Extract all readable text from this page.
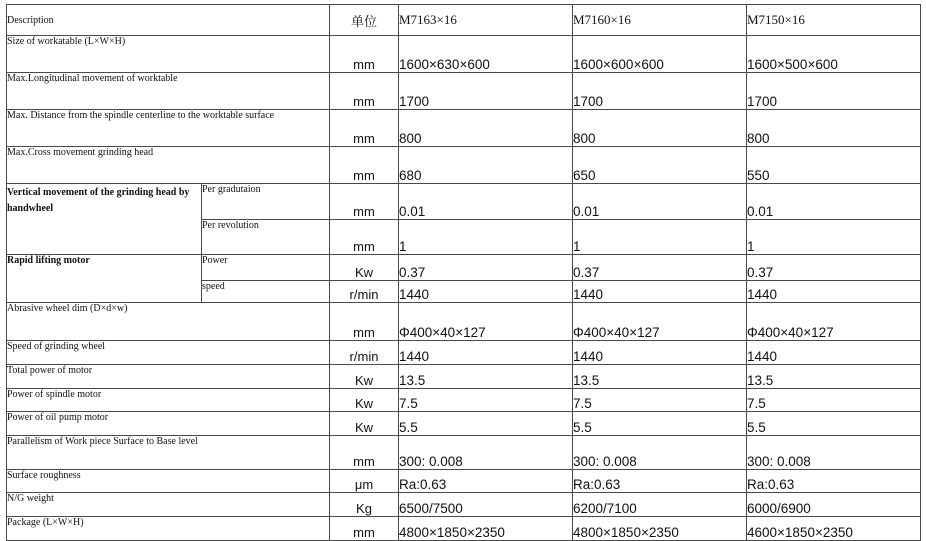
Description		单位	M7163×16	M7160×16	M7150×16
Size of workatable (L×W×H)		mm	1600×630×600	1600×600×600	1600×500×600
Max.Longitudinal movement of worktable		mm	1700	1700	1700
Max. Distance from the spindle centerline to the worktable surface		mm	800	800	800
Max.Cross movement grinding head		mm	680	650	550
Vertical movement of the grinding head by handwheel	Per gradutaion	mm	0.01	0.01	0.01
	Per revolution	mm	1	1	1
Rapid lifting motor	Power	Kw	0.37	0.37	0.37
	speed	r/min	1440	1440	1440
Abrasive wheel dim (D×d×w)		mm	Φ400×40×127	Φ400×40×127	Φ400×40×127
Speed of grinding wheel		r/min	1440	1440	1440
Total power of motor		Kw	13.5	13.5	13.5
Power of spindle motor		Kw	7.5	7.5	7.5
Power of oil pump motor		Kw	5.5	5.5	5.5
Parallelism of Work piece Surface to Base level		mm	300: 0.008	300: 0.008	300: 0.008
Surface roughness		μm	Ra:0.63	Ra:0.63	Ra:0.63
N/G weight		Kg	6500/7500	6200/7100	6000/6900
Package (L×W×H)		mm	4800×1850×2350	4800×1850×2350	4600×1850×2350
